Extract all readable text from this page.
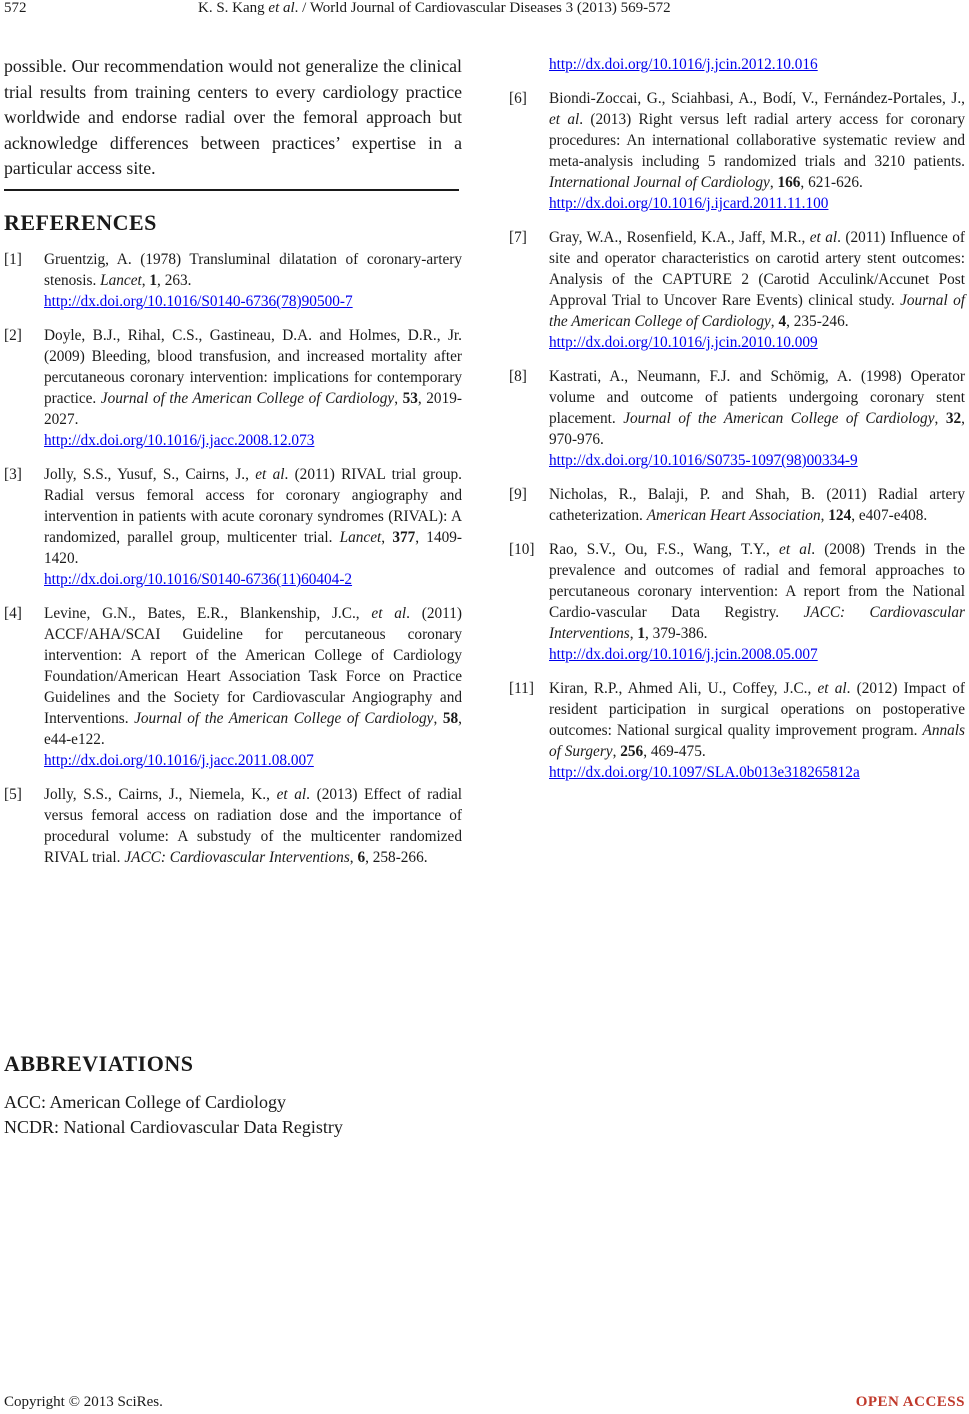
572	K. S. Kang et al. / World Journal of Cardiovascular Diseases 3 (2013) 569-572

possible. Our recommendation would not generalize the clinical trial results from training centers to every cardiology practice worldwide and endorse radial over the femoral approach but acknowledge differences between practices’ expertise in a particular access site.

REFERENCES
[1] Gruentzig, A. (1978) Transluminal dilatation of coronary-artery stenosis. Lancet, 1, 263.
http://dx.doi.org/10.1016/S0140-6736(78)90500-7
[2] Doyle, B.J., Rihal, C.S., Gastineau, D.A. and Holmes, D.R., Jr. (2009) Bleeding, blood transfusion, and increased mortality after percutaneous coronary intervention: implications for contemporary practice. Journal of the American College of Cardiology, 53, 2019-2027.
http://dx.doi.org/10.1016/j.jacc.2008.12.073
[3] Jolly, S.S., Yusuf, S., Cairns, J., et al. (2011) RIVAL trial group. Radial versus femoral access for coronary angiography and intervention in patients with acute coronary syndromes (RIVAL): A randomized, parallel group, multicenter trial. Lancet, 377, 1409-1420.
http://dx.doi.org/10.1016/S0140-6736(11)60404-2
[4] Levine, G.N., Bates, E.R., Blankenship, J.C., et al. (2011) ACCF/AHA/SCAI Guideline for percutaneous coronary intervention: A report of the American College of Cardiology Foundation/American Heart Association Task Force on Practice Guidelines and the Society for Cardiovascular Angiography and Interventions. Journal of the American College of Cardiology, 58, e44-e122.
http://dx.doi.org/10.1016/j.jacc.2011.08.007
[5] Jolly, S.S., Cairns, J., Niemela, K., et al. (2013) Effect of radial versus femoral access on radiation dose and the importance of procedural volume: A substudy of the multicenter randomized RIVAL trial. JACC: Cardiovascular Interventions, 6, 258-266.
http://dx.doi.org/10.1016/j.jcin.2012.10.016
[6] Biondi-Zoccai, G., Sciahbasi, A., Bodí, V., Fernández-Portales, J., et al. (2013) Right versus left radial artery access for coronary procedures: An international collaborative systematic review and meta-analysis including 5 randomized trials and 3210 patients. International Journal of Cardiology, 166, 621-626.
http://dx.doi.org/10.1016/j.ijcard.2011.11.100
[7] Gray, W.A., Rosenfield, K.A., Jaff, M.R., et al. (2011) Influence of site and operator characteristics on carotid artery stent outcomes: Analysis of the CAPTURE 2 (Carotid Acculink/Accunet Post Approval Trial to Uncover Rare Events) clinical study. Journal of the American College of Cardiology, 4, 235-246.
http://dx.doi.org/10.1016/j.jcin.2010.10.009
[8] Kastrati, A., Neumann, F.J. and Schömig, A. (1998) Operator volume and outcome of patients undergoing coronary stent placement. Journal of the American College of Cardiology, 32, 970-976.
http://dx.doi.org/10.1016/S0735-1097(98)00334-9
[9] Nicholas, R., Balaji, P. and Shah, B. (2011) Radial artery catheterization. American Heart Association, 124, e407-e408.
[10] Rao, S.V., Ou, F.S., Wang, T.Y., et al. (2008) Trends in the prevalence and outcomes of radial and femoral approaches to percutaneous coronary intervention: A report from the National Cardio-vascular Data Registry. JACC: Cardiovascular Interventions, 1, 379-386.
http://dx.doi.org/10.1016/j.jcin.2008.05.007
[11] Kiran, R.P., Ahmed Ali, U., Coffey, J.C., et al. (2012) Impact of resident participation in surgical operations on postoperative outcomes: National surgical quality improvement program. Annals of Surgery, 256, 469-475.
http://dx.doi.org/10.1097/SLA.0b013e318265812a
ABBREVIATIONS
ACC: American College of Cardiology
NCDR: National Cardiovascular Data Registry
Copyright © 2013 SciRes.	OPEN ACCESS
